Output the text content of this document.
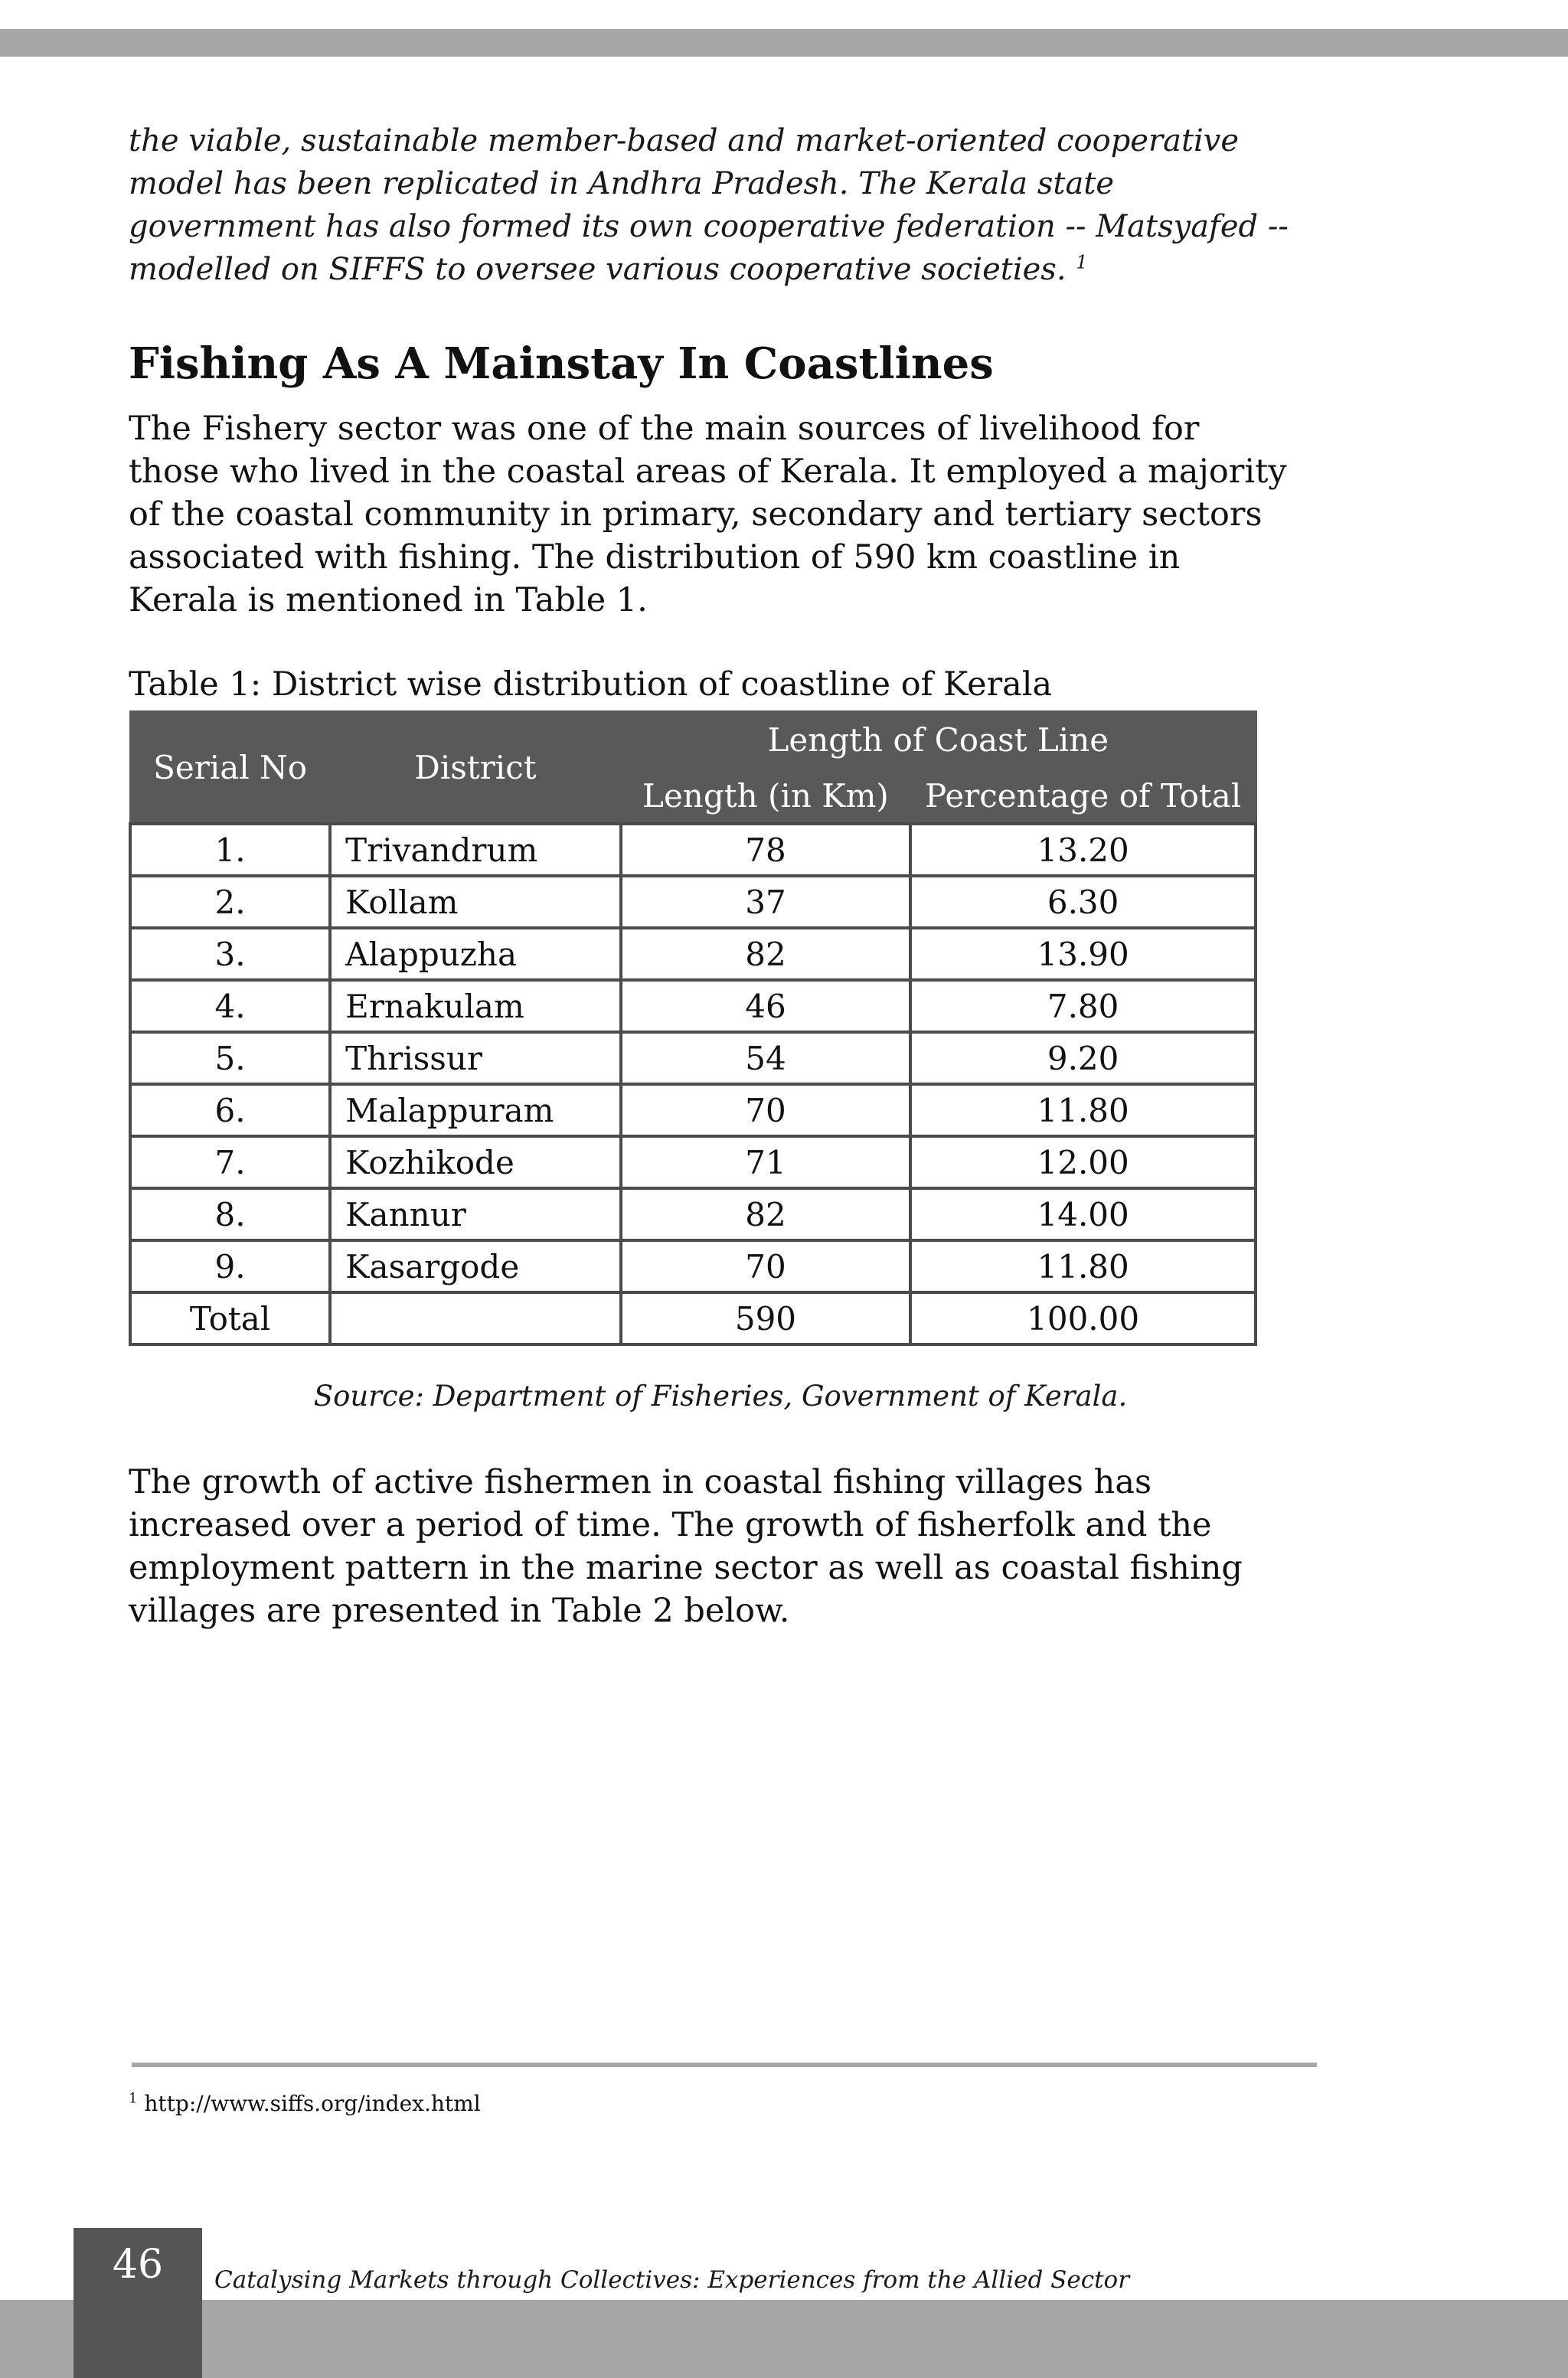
the viable, sustainable member-based and market-oriented cooperative model has been replicated in Andhra Pradesh. The Kerala state government has also formed its own cooperative federation -- Matsyafed -- modelled on SIFFS to oversee various cooperative societies. $^1$

Fishing As A Mainstay In Coastlines

The Fishery sector was one of the main sources of livelihood for those who lived in the coastal areas of Kerala. It employed a majority of the coastal community in primary, secondary and tertiary sectors associated with fishing. The distribution of 590 km coastline in Kerala is mentioned in Table 1.

Table 1: District wise distribution of coastline of Kerala

Serial No	District	Length of Coast Line	
		Length (in Km)	Percentage of Total
1.	Trivandrum	78	13.20
2.	Kollam	37	6.30
3.	Alappuzha	82	13.90
4.	Ernakulam	46	7.80
5.	Thrissur	54	9.20
6.	Malappuram	70	11.80
7.	Kozhikode	71	12.00
8.	Kannur	82	14.00
9.	Kasargode	70	11.80
Total		590	100.00

Source: Department of Fisheries, Government of Kerala.

The growth of active fishermen in coastal fishing villages has increased over a period of time. The growth of fisherfolk and the employment pattern in the marine sector as well as coastal fishing villages are presented in Table 2 below.

$^1$ http://www.siffs.org/index.html

46	Catalysing Markets through Collectives: Experiences from the Allied Sector
